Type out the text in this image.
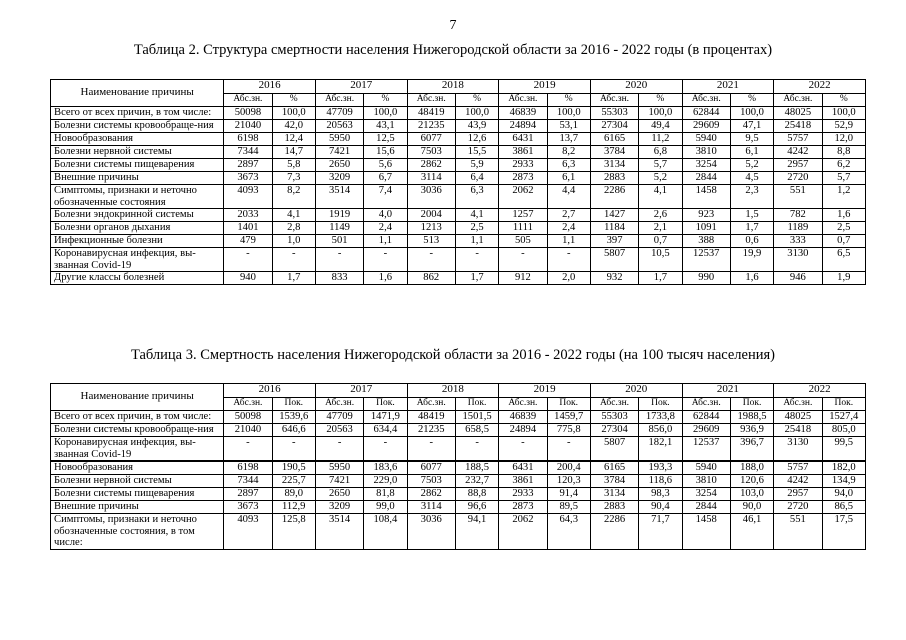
7
Таблица 2. Структура смертности населения Нижегородской области за 2016 - 2022 годы (в процентах)
Наименование причины	2016		2017		2018		2019		2020		2021		2022	
	Абс.зн.	%	Абс.зн.	%	Абс.зн.	%	Абс.зн.	%	Абс.зн.	%	Абс.зн.	%	Абс.зн.	%
Всего от всех причин, в том числе:	50098	100,0	47709	100,0	48419	100,0	46839	100,0	55303	100,0	62844	100,0	48025	100,0
Болезни системы кровообраще-ния	21040	42,0	20563	43,1	21235	43,9	24894	53,1	27304	49,4	29609	47,1	25418	52,9
Новообразования	6198	12,4	5950	12,5	6077	12,6	6431	13,7	6165	11,2	5940	9,5	5757	12,0
Болезни нервной системы	7344	14,7	7421	15,6	7503	15,5	3861	8,2	3784	6,8	3810	6,1	4242	8,8
Болезни системы пищеварения	2897	5,8	2650	5,6	2862	5,9	2933	6,3	3134	5,7	3254	5,2	2957	6,2
Внешние причины	3673	7,3	3209	6,7	3114	6,4	2873	6,1	2883	5,2	2844	4,5	2720	5,7
Симптомы, признаки и неточно обозначенные состояния	4093	8,2	3514	7,4	3036	6,3	2062	4,4	2286	4,1	1458	2,3	551	1,2
Болезни эндокринной системы	2033	4,1	1919	4,0	2004	4,1	1257	2,7	1427	2,6	923	1,5	782	1,6
Болезни органов дыхания	1401	2,8	1149	2,4	1213	2,5	1111	2,4	1184	2,1	1091	1,7	1189	2,5
Инфекционные болезни	479	1,0	501	1,1	513	1,1	505	1,1	397	0,7	388	0,6	333	0,7
Коронавирусная инфекция, вы-званная Covid-19	-	-	-	-	-	-	-	-	5807	10,5	12537	19,9	3130	6,5
Другие классы болезней	940	1,7	833	1,6	862	1,7	912	2,0	932	1,7	990	1,6	946	1,9
Таблица 3. Смертность населения Нижегородской области за 2016 - 2022 годы (на 100 тысяч населения)
Наименование причины	2016		2017		2018		2019		2020		2021		2022	
	Абс.зн.	Пок.	Абс.зн.	Пок.	Абс.зн.	Пок.	Абс.зн.	Пок.	Абс.зн.	Пок.	Абс.зн.	Пок.	Абс.зн.	Пок.
Всего от всех причин, в том числе:	50098	1539,6	47709	1471,9	48419	1501,5	46839	1459,7	55303	1733,8	62844	1988,5	48025	1527,4
Болезни системы кровообраще-ния	21040	646,6	20563	634,4	21235	658,5	24894	775,8	27304	856,0	29609	936,9	25418	805,0
Коронавирусная инфекция, вы-званная Covid-19	-	-	-	-	-	-	-	-	5807	182,1	12537	396,7	3130	99,5
Новообразования	6198	190,5	5950	183,6	6077	188,5	6431	200,4	6165	193,3	5940	188,0	5757	182,0
Болезни нервной системы	7344	225,7	7421	229,0	7503	232,7	3861	120,3	3784	118,6	3810	120,6	4242	134,9
Болезни системы пищеварения	2897	89,0	2650	81,8	2862	88,8	2933	91,4	3134	98,3	3254	103,0	2957	94,0
Внешние причины	3673	112,9	3209	99,0	3114	96,6	2873	89,5	2883	90,4	2844	90,0	2720	86,5
Симптомы, признаки и неточно обозначенные состояния, в том числе:	4093	125,8	3514	108,4	3036	94,1	2062	64,3	2286	71,7	1458	46,1	551	17,5
